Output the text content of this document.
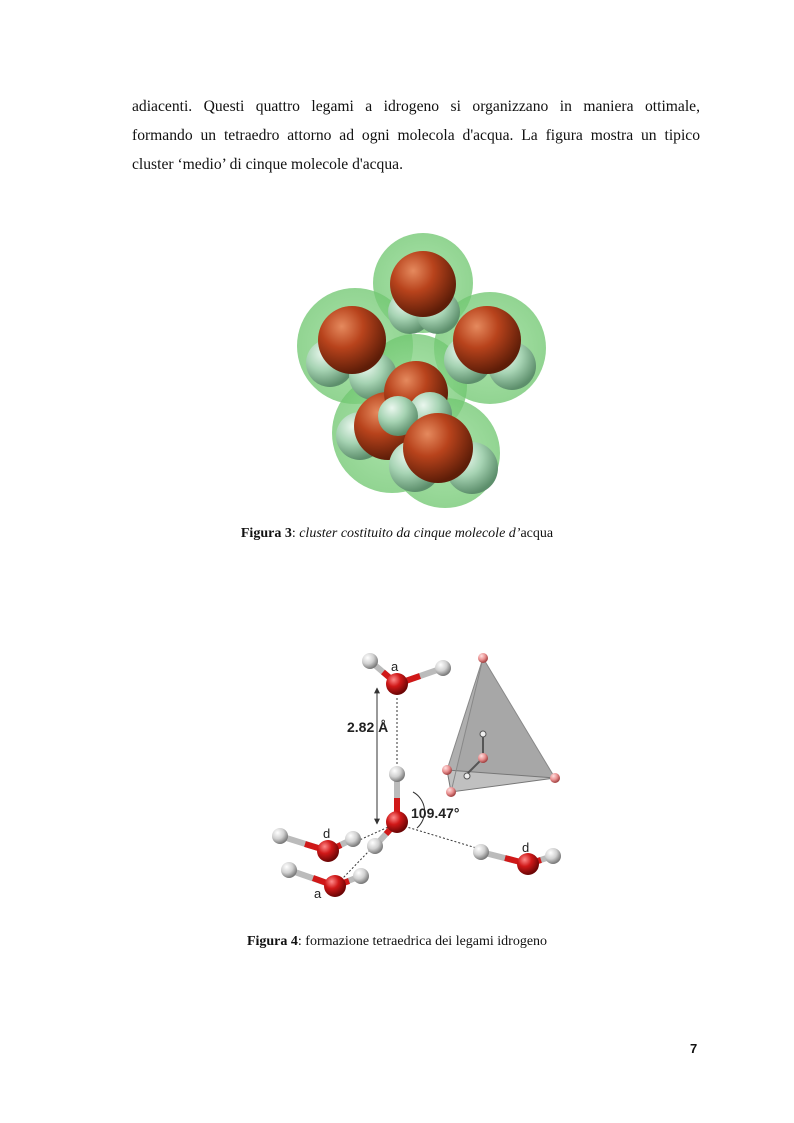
adiacenti. Questi quattro legami a idrogeno si organizzano in maniera ottimale,
formando un tetraedro attorno ad ogni molecola d'acqua. La figura mostra un tipico
cluster ‘medio’ di cinque molecole d'acqua.

Figura 3: cluster costituito da cinque molecole d’acqua
a
2.82 Å
109.47°
d
a
d
Figura 4: formazione tetraedrica dei legami idrogeno
7
